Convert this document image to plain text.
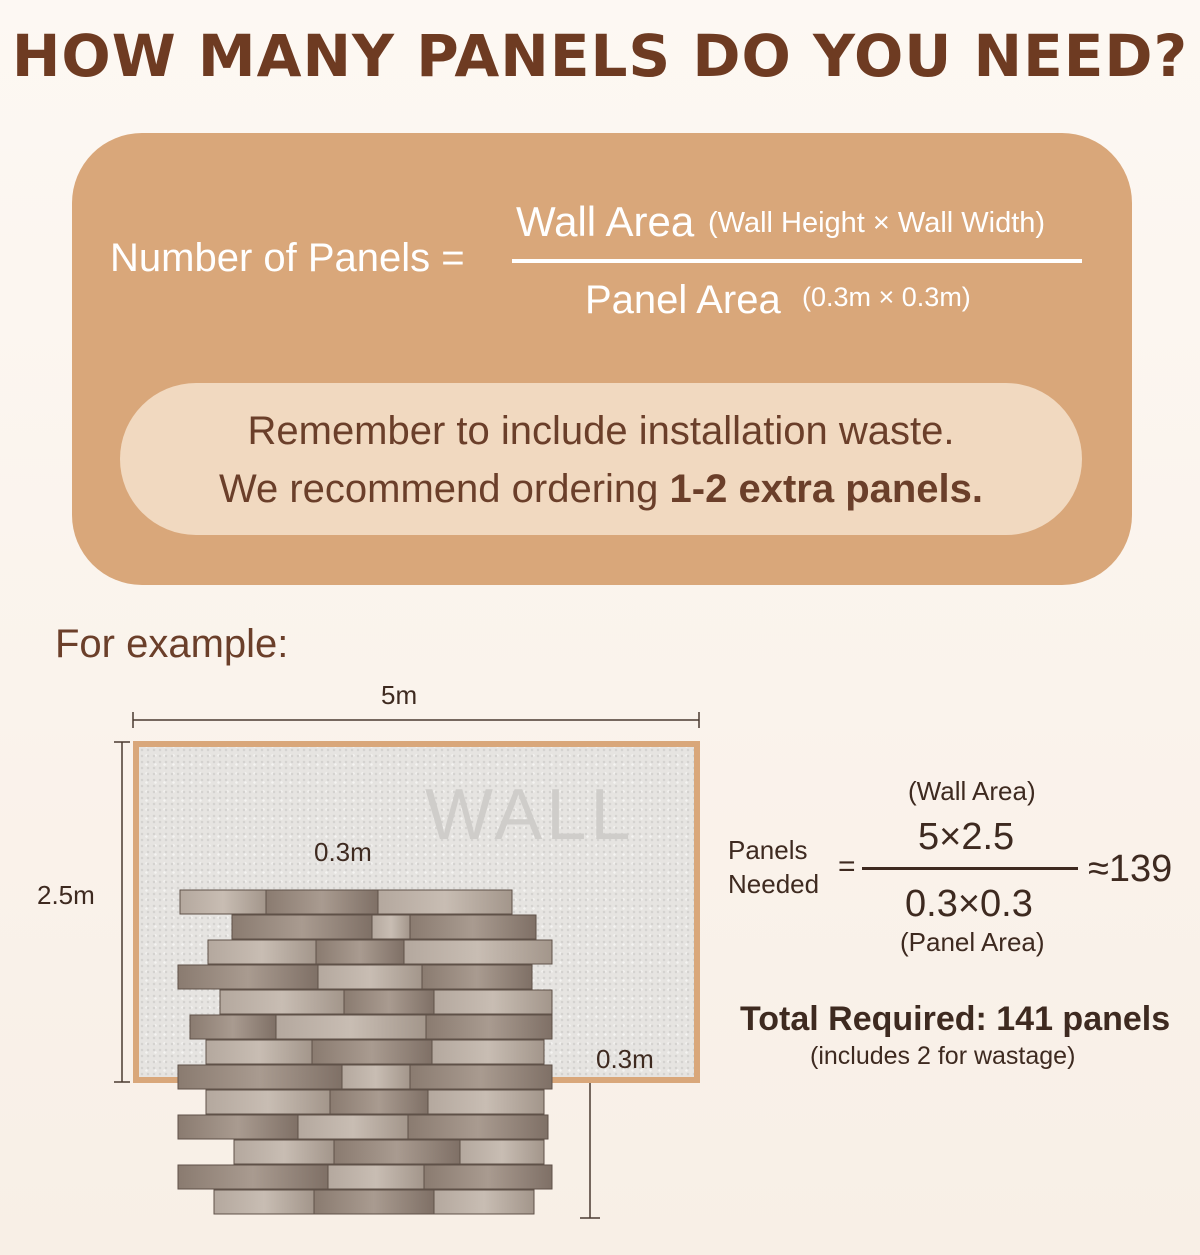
HOW MANY PANELS DO YOU NEED?
Number of Panels =
Wall Area (Wall Height × Wall Width)
Panel Area (0.3m × 0.3m)
Remember to include installation waste.
We recommend ordering 1-2 extra panels.
For example:
WALL
5m
2.5m
0.3m
0.3m
Panels
Needed
=
(Wall Area)
5×2.5
0.3×0.3
(Panel Area)
≈139
Total Required: 141 panels
(includes 2 for wastage)
